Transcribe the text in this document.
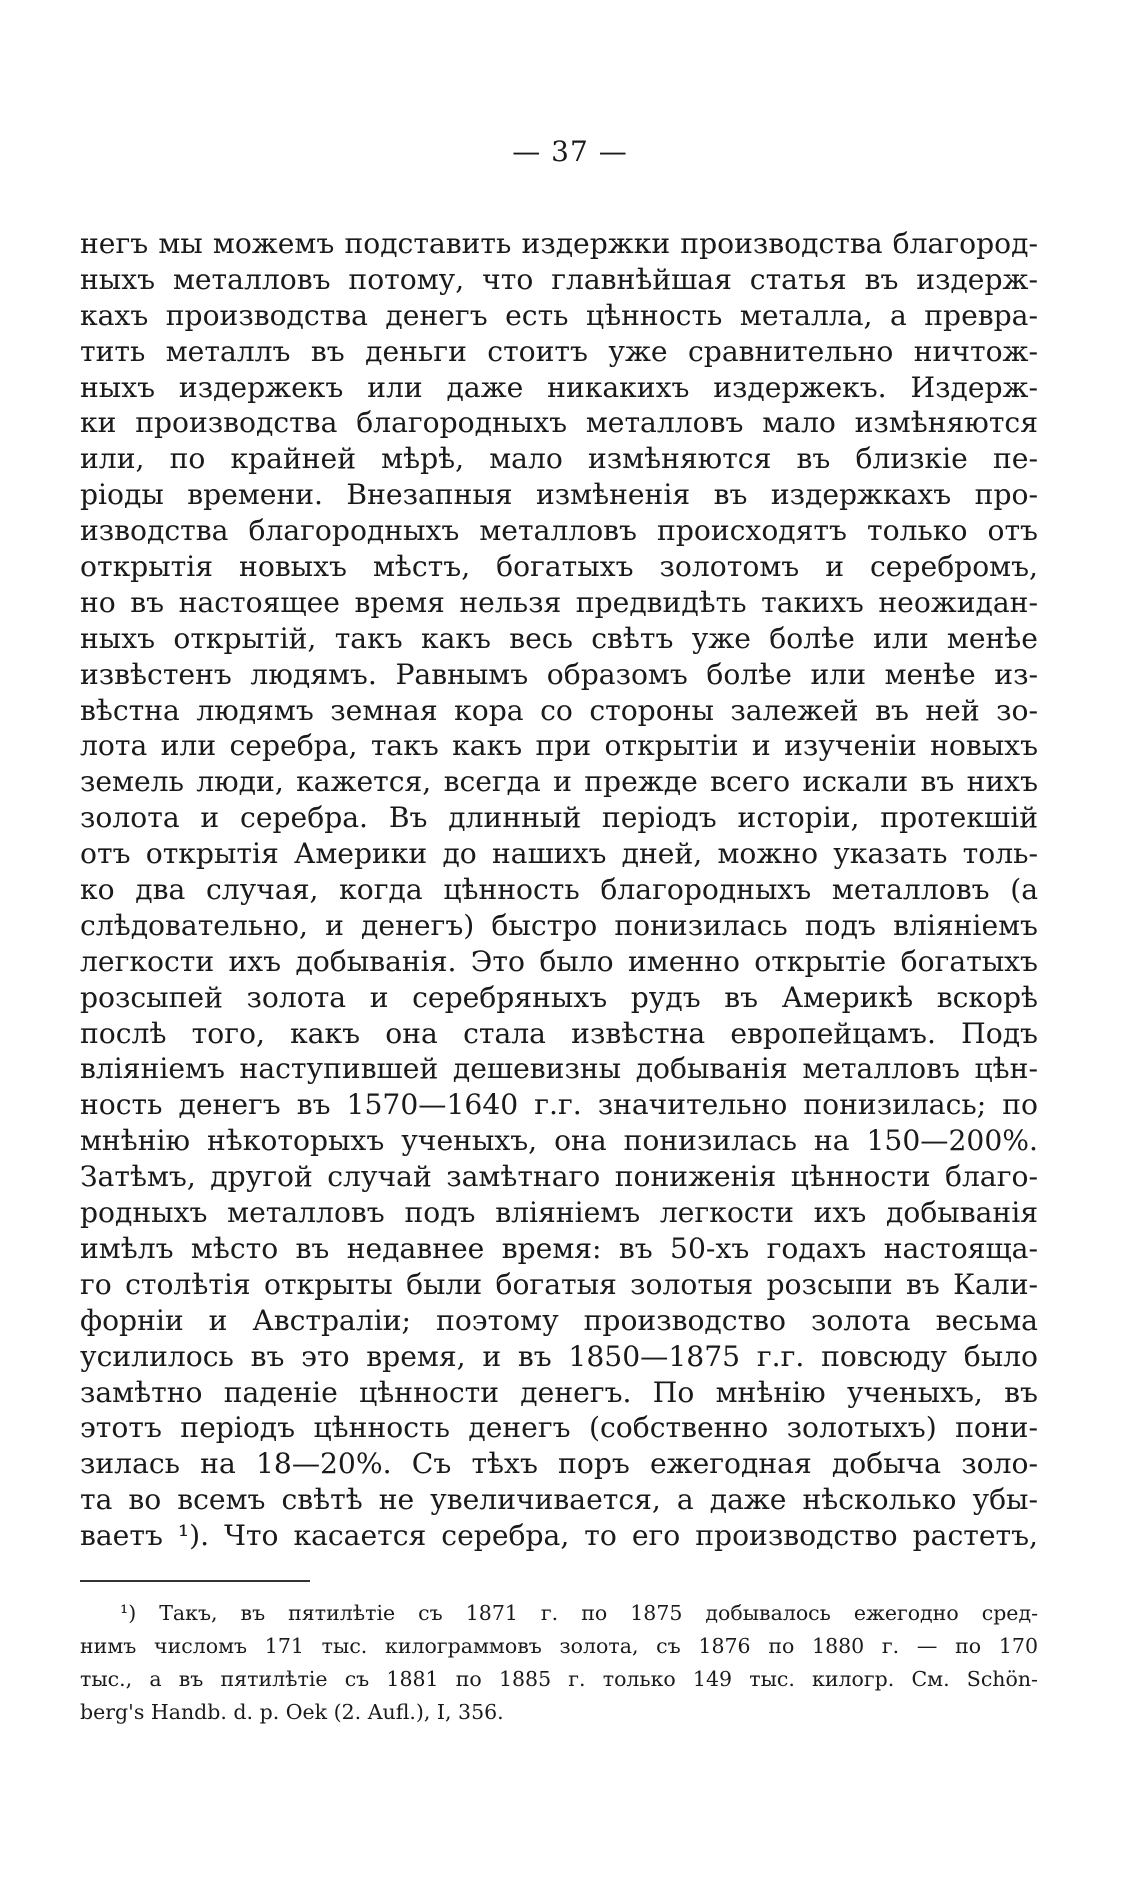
— 37 —
негъ мы можемъ подставить издержки производства благород-
ныхъ металловъ потому, что главнѣйшая статья въ издерж-
кахъ производства денегъ есть цѣнность металла, а превра-
тить металлъ въ деньги стоитъ уже сравнительно ничтож-
ныхъ издержекъ или даже никакихъ издержекъ. Издерж-
ки производства благородныхъ металловъ мало измѣняются
или, по крайней мѣрѣ, мало измѣняются въ близкіе пе-
ріоды времени. Внезапныя измѣненія въ издержкахъ про-
изводства благородныхъ металловъ происходятъ только отъ
открытія новыхъ мѣстъ, богатыхъ золотомъ и серебромъ,
но въ настоящее время нельзя предвидѣть такихъ неожидан-
ныхъ открытій, такъ какъ весь свѣтъ уже болѣе или менѣе
извѣстенъ людямъ. Равнымъ образомъ болѣе или менѣе из-
вѣстна людямъ земная кора со стороны залежей въ ней зо-
лота или серебра, такъ какъ при открытіи и изученіи новыхъ
земель люди, кажется, всегда и прежде всего искали въ нихъ
золота и серебра. Въ длинный періодъ исторіи, протекшій
отъ открытія Америки до нашихъ дней, можно указать толь-
ко два случая, когда цѣнность благородныхъ металловъ (а
слѣдовательно, и денегъ) быстро понизилась подъ вліяніемъ
легкости ихъ добыванія. Это было именно открытіе богатыхъ
розсыпей золота и серебряныхъ рудъ въ Америкѣ вскорѣ
послѣ того, какъ она стала извѣстна европейцамъ. Подъ
вліяніемъ наступившей дешевизны добыванія металловъ цѣн-
ность денегъ въ 1570—1640 г.г. значительно понизилась; по
мнѣнію нѣкоторыхъ ученыхъ, она понизилась на 150—200%.
Затѣмъ, другой случай замѣтнаго пониженія цѣнности благо-
родныхъ металловъ подъ вліяніемъ легкости ихъ добыванія
имѣлъ мѣсто въ недавнее время: въ 50-хъ годахъ настояща-
го столѣтія открыты были богатыя золотыя розсыпи въ Кали-
форніи и Австраліи; поэтому производство золота весьма
усилилось въ это время, и въ 1850—1875 г.г. повсюду было
замѣтно паденіе цѣнности денегъ. По мнѣнію ученыхъ, въ
этотъ періодъ цѣнность денегъ (собственно золотыхъ) пони-
зилась на 18—20%. Съ тѣхъ поръ ежегодная добыча золо-
та во всемъ свѣтѣ не увеличивается, а даже нѣсколько убы-
ваетъ ¹). Что касается серебра, то его производство растетъ,
¹) Такъ, въ пятилѣтіе съ 1871 г. по 1875 добывалось ежегодно сред-
нимъ числомъ 171 тыс. килограммовъ золота, съ 1876 по 1880 г. — по 170
тыс., а въ пятилѣтіе съ 1881 по 1885 г. только 149 тыс. килогр. См. Schön-
berg's Handb. d. p. Oek (2. Aufl.), I, 356.
